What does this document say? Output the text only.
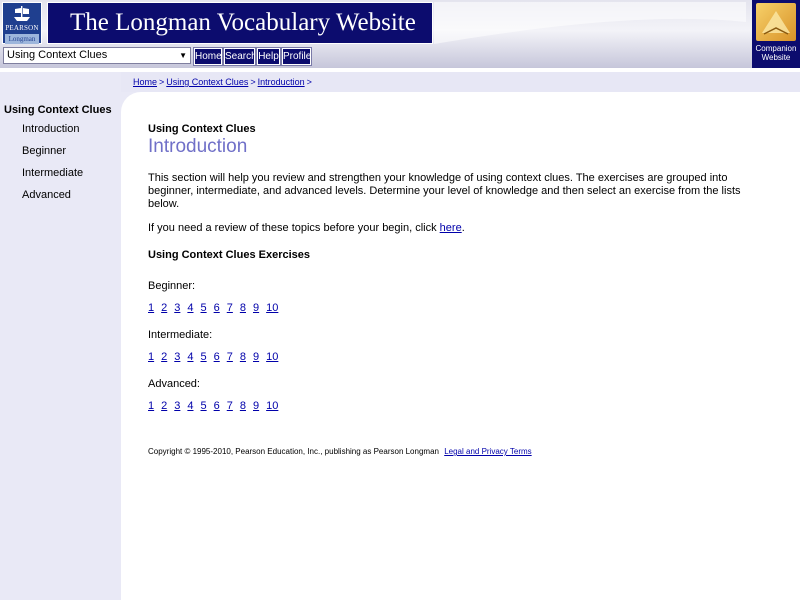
PEARSON
Longman
The Longman Vocabulary Website
Companion
Website
Using Context Clues	▼ Home Search Help Profile
Using Context Clues
Introduction
Beginner
Intermediate
Advanced
Home > Using Context Clues > Introduction >
Using Context Clues
Introduction
This section will help you review and strengthen your knowledge of using context clues. The exercises are grouped into beginner, intermediate, and advanced levels. Determine your level of knowledge and then select an exercise from the lists below.
If you need a review of these topics before your begin, click here.
Using Context Clues Exercises
Beginner:
1 2 3 4 5 6 7 8 9 10
Intermediate:
1 2 3 4 5 6 7 8 9 10
Advanced:
1 2 3 4 5 6 7 8 9 10
Copyright © 1995-2010, Pearson Education, Inc., publishing as Pearson Longman Legal and Privacy Terms
